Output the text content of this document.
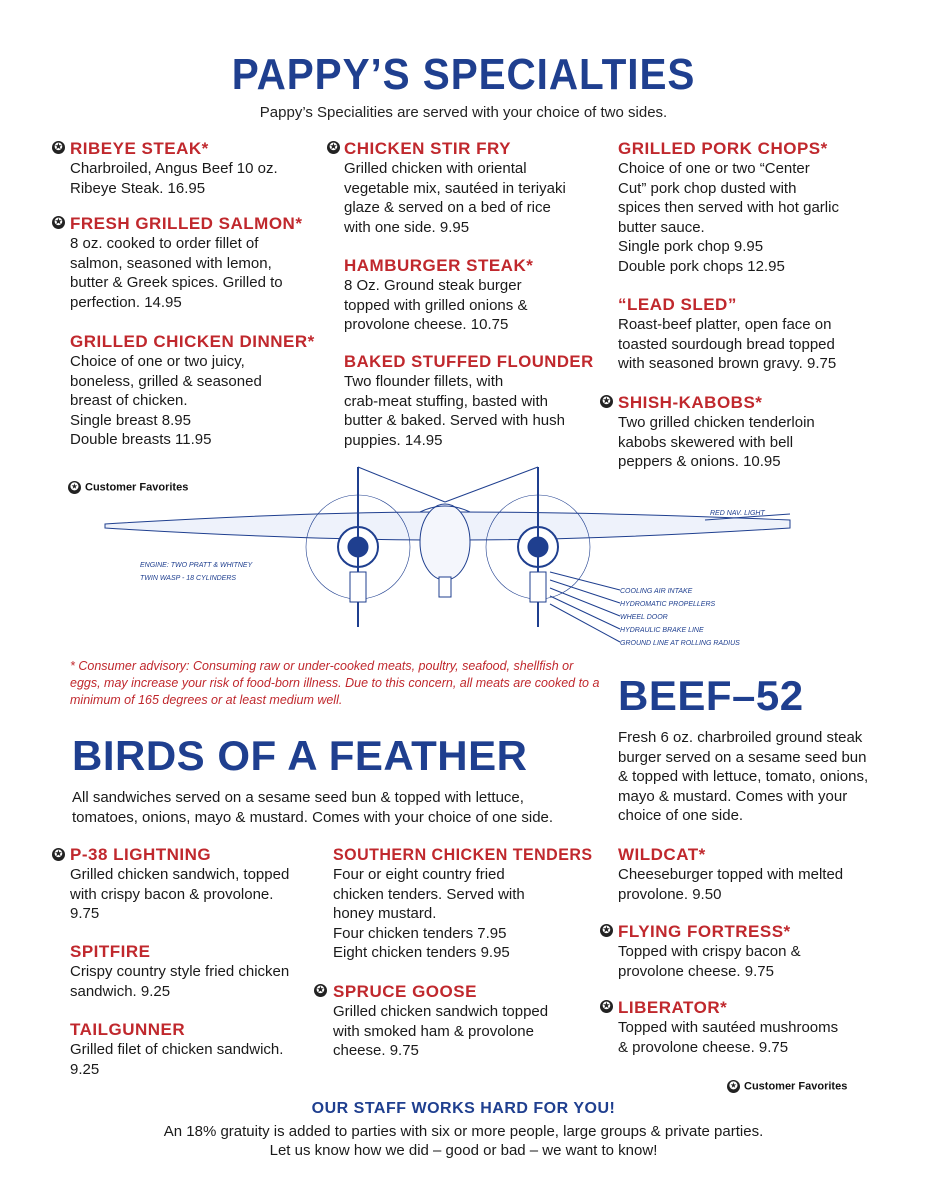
PAPPY’S SPECIALTIES
Pappy’s Specialities are served with your choice of two sides.
✪ RIBEYE STEAK*
Charbroiled, Angus Beef 10 oz.
Ribeye Steak. 16.95
✪ FRESH GRILLED SALMON*
8 oz. cooked to order fillet of
salmon, seasoned with lemon,
butter & Greek spices. Grilled to
perfection. 14.95
GRILLED CHICKEN DINNER*
Choice of one or two juicy,
boneless, grilled & seasoned
breast of chicken.
Single breast 8.95
Double breasts 11.95
✪ CHICKEN STIR FRY
Grilled chicken with oriental
vegetable mix, sautéed in teriyaki
glaze & served on a bed of rice
with one side. 9.95
HAMBURGER STEAK*
8 Oz. Ground steak burger
topped with grilled onions &
provolone cheese. 10.75
BAKED STUFFED FLOUNDER
Two flounder fillets, with
crab-meat stuffing, basted with
butter & baked. Served with hush
puppies. 14.95
GRILLED PORK CHOPS*
Choice of one or two “Center
Cut” pork chop dusted with
spices then served with hot garlic
butter sauce.
Single pork chop 9.95
Double pork chops 12.95
“LEAD SLED”
Roast-beef platter, open face on
toasted sourdough bread topped
with seasoned brown gravy. 9.75
✪ SHISH-KABOBS*
Two grilled chicken tenderloin
kabobs skewered with bell
peppers & onions. 10.95
✪ Customer Favorites
ENGINE: TWO PRATT & WHITNEY
TWIN WASP - 18 CYLINDERS
RED NAV. LIGHT
COOLING AIR INTAKE
HYDROMATIC PROPELLERS
WHEEL DOOR
HYDRAULIC BRAKE LINE
GROUND LINE AT ROLLING RADIUS
* Consumer advisory: Consuming raw or under-cooked meats, poultry, seafood, shellfish or eggs, may increase your risk of food-born illness. Due to this concern, all meats are cooked to a minimum of 165 degrees or at least medium well.	BEEF–52
Fresh 6 oz. charbroiled ground steak burger served on a sesame seed bun & topped with lettuce, tomato, onions, mayo & mustard. Comes with your choice of one side.
BIRDS OF A FEATHER
All sandwiches served on a sesame seed bun & topped with lettuce, tomatoes, onions, mayo & mustard. Comes with your choice of one side.
✪ P-38 LIGHTNING
Grilled chicken sandwich, topped
with crispy bacon & provolone.
9.75
SPITFIRE
Crispy country style fried chicken
sandwich. 9.25
TAILGUNNER
Grilled filet of chicken sandwich.
9.25
SOUTHERN CHICKEN TENDERS
Four or eight country fried
chicken tenders. Served with
honey mustard.
Four chicken tenders 7.95
Eight chicken tenders 9.95
✪ SPRUCE GOOSE
Grilled chicken sandwich topped
with smoked ham & provolone
cheese. 9.75
WILDCAT*
Cheeseburger topped with melted
provolone. 9.50
✪ FLYING FORTRESS*
Topped with crispy bacon &
provolone cheese. 9.75
✪ LIBERATOR*
Topped with sautéed mushrooms
& provolone cheese. 9.75
✪ Customer Favorites
OUR STAFF WORKS HARD FOR YOU!
An 18% gratuity is added to parties with six or more people, large groups & private parties. Let us know how we did – good or bad – we want to know!
